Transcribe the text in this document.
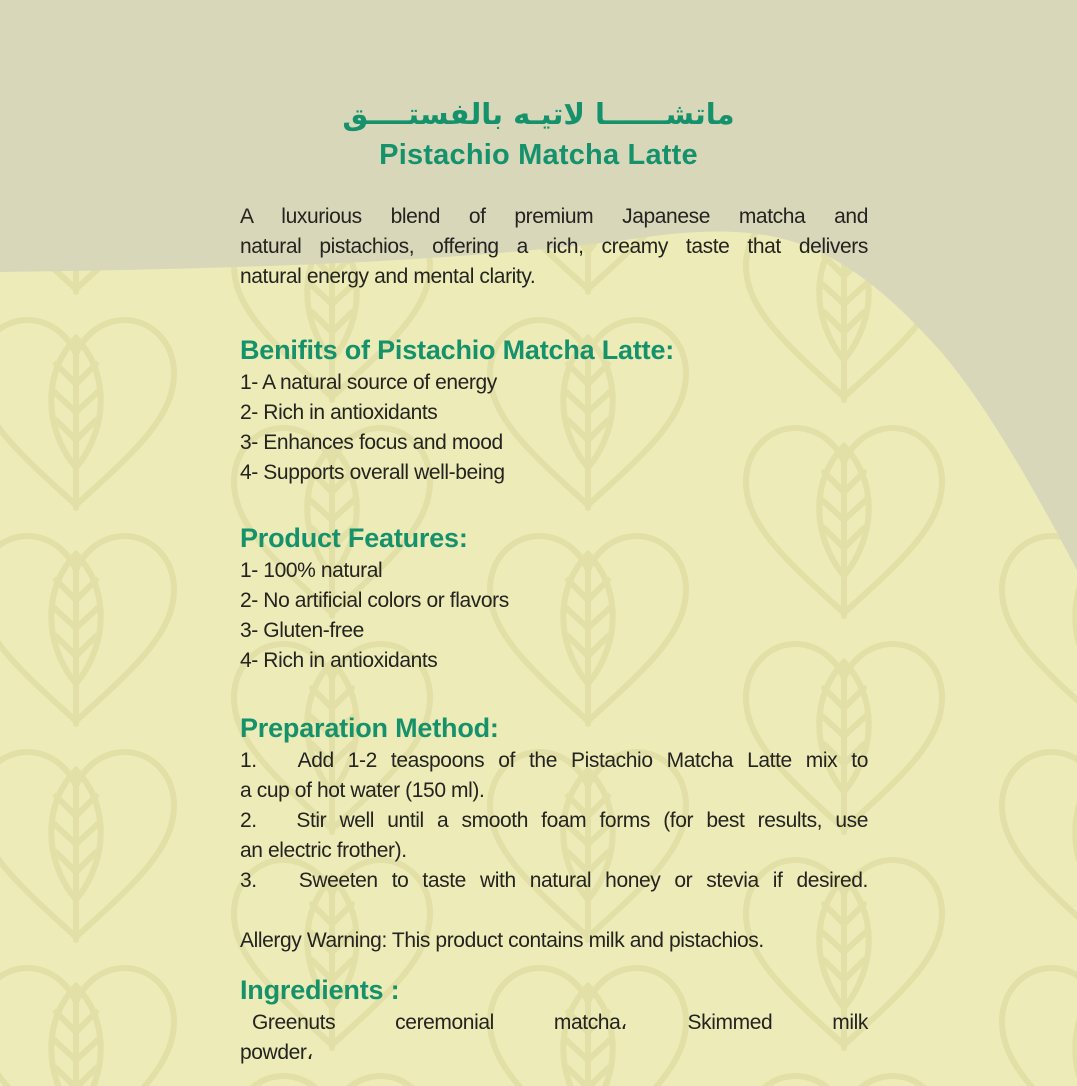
ماتشــــــا لاتيـه بالفستــــق
Pistachio Matcha Latte
A luxurious blend of premium Japanese matcha and
natural pistachios, offering a rich, creamy taste that delivers
natural energy and mental clarity.
Benifits of Pistachio Matcha Latte:
1- A natural source of energy
2- Rich in antioxidants
3- Enhances focus and mood
4- Supports overall well-being
Product Features:
1- 100% natural
2- No artificial colors or flavors
3- Gluten-free
4- Rich in antioxidants
Preparation Method:
1.   Add 1-2 teaspoons of the Pistachio Matcha Latte mix to
a cup of hot water (150 ml).
2.   Stir well until a smooth foam forms (for best results, use
an electric frother).
3.   Sweeten to taste with natural honey or stevia if desired.
Allergy Warning: This product contains milk and pistachios.
Ingredients :
Greenuts ceremonial matcha، Skimmed milk
powder،
